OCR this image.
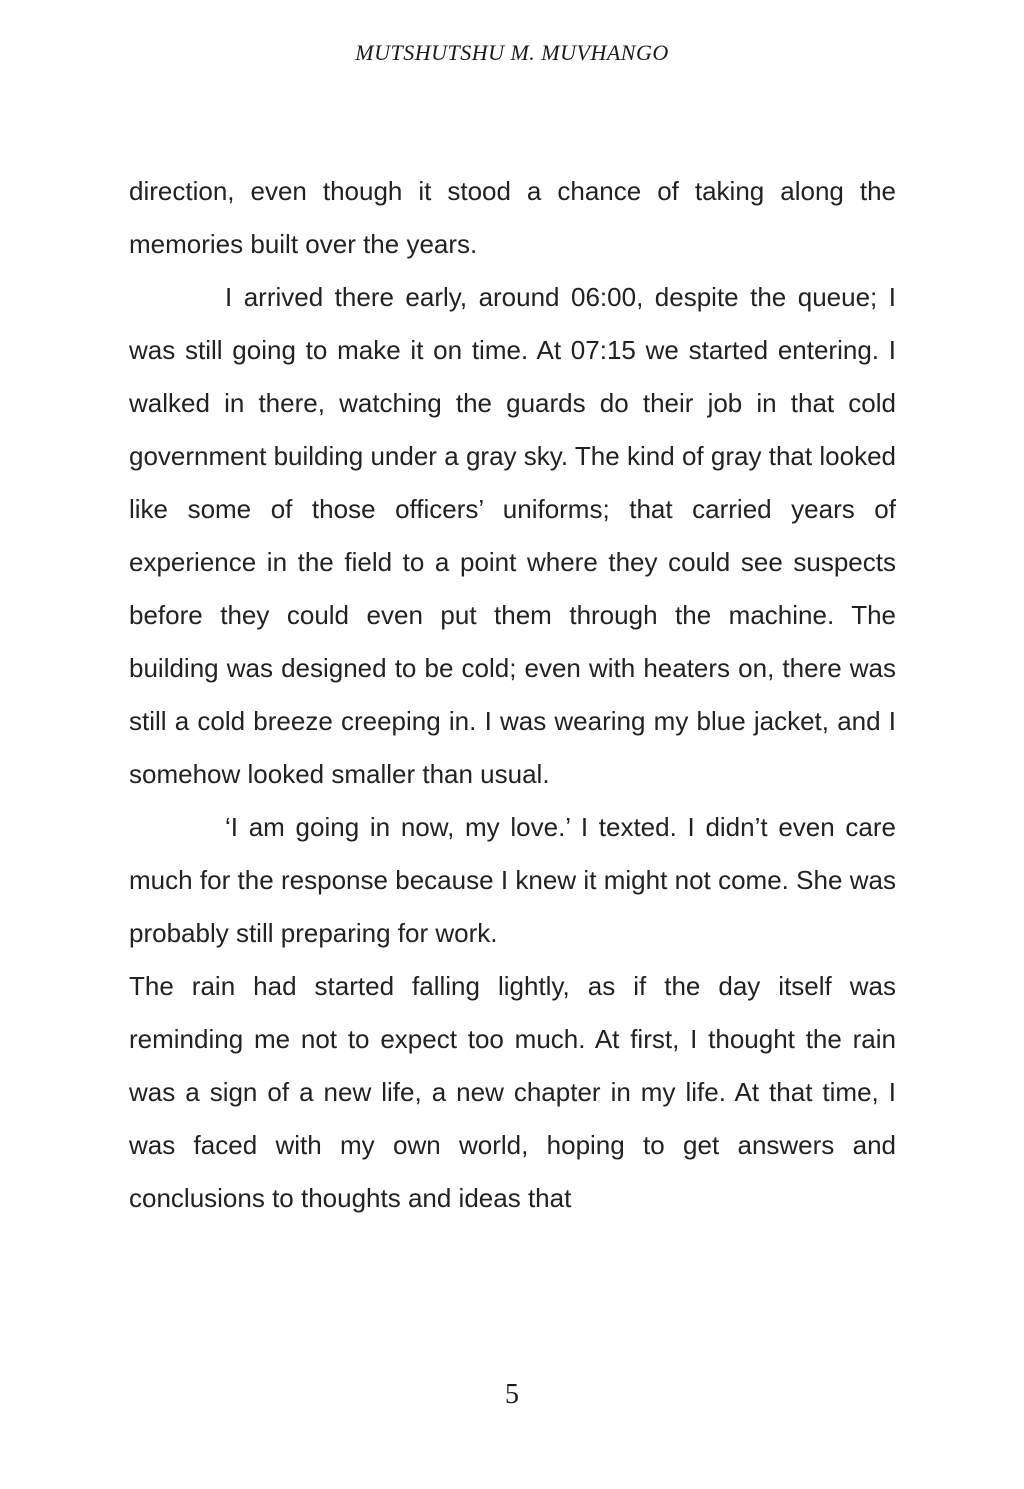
MUTSHUTSHU M. MUVHANGO

direction, even though it stood a chance of taking along the memories built over the years.

I arrived there early, around 06:00, despite the queue; I was still going to make it on time. At 07:15 we started entering. I walked in there, watching the guards do their job in that cold government building under a gray sky. The kind of gray that looked like some of those officers’ uniforms; that carried years of experience in the field to a point where they could see suspects before they could even put them through the machine. The building was designed to be cold; even with heaters on, there was still a cold breeze creeping in. I was wearing my blue jacket, and I somehow looked smaller than usual.

‘I am going in now, my love.’ I texted. I didn’t even care much for the response because I knew it might not come. She was probably still preparing for work.

The rain had started falling lightly, as if the day itself was reminding me not to expect too much. At first, I thought the rain was a sign of a new life, a new chapter in my life. At that time, I was faced with my own world, hoping to get answers and conclusions to thoughts and ideas that

5
